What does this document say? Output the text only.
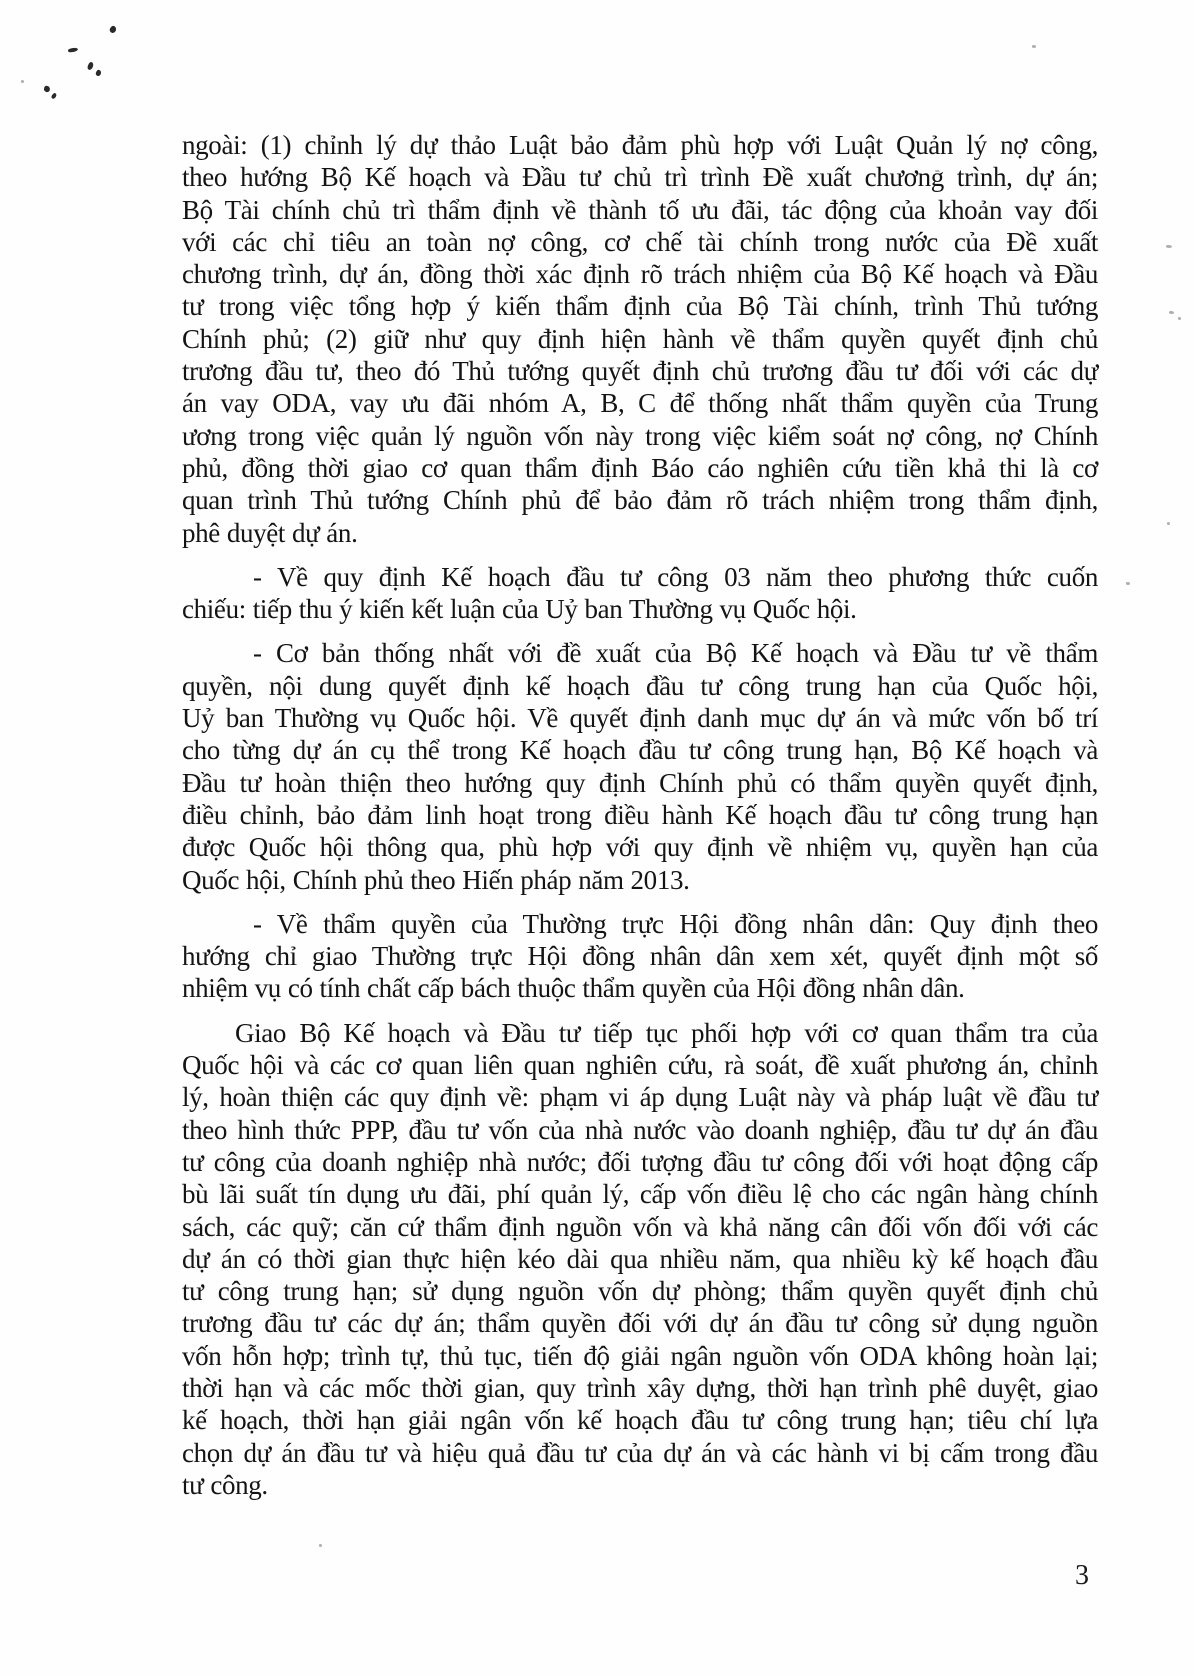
ngoài: (1) chỉnh lý dự thảo Luật bảo đảm phù hợp với Luật Quản lý nợ công,
theo hướng Bộ Kế hoạch và Đầu tư chủ trì trình Đề xuất chương trình, dự án;
Bộ Tài chính chủ trì thẩm định về thành tố ưu đãi, tác động của khoản vay đối
với các chỉ tiêu an toàn nợ công, cơ chế tài chính trong nước của Đề xuất
chương trình, dự án, đồng thời xác định rõ trách nhiệm của Bộ Kế hoạch và Đầu
tư trong việc tổng hợp ý kiến thẩm định của Bộ Tài chính, trình Thủ tướng
Chính phủ; (2) giữ như quy định hiện hành về thẩm quyền quyết định chủ
trương đầu tư, theo đó Thủ tướng quyết định chủ trương đầu tư đối với các dự
án vay ODA, vay ưu đãi nhóm A, B, C để thống nhất thẩm quyền của Trung
ương trong việc quản lý nguồn vốn này trong việc kiểm soát nợ công, nợ Chính
phủ, đồng thời giao cơ quan thẩm định Báo cáo nghiên cứu tiền khả thi là cơ
quan trình Thủ tướng Chính phủ để bảo đảm rõ trách nhiệm trong thẩm định,
phê duyệt dự án.
- Về quy định Kế hoạch đầu tư công 03 năm theo phương thức cuốn
chiếu: tiếp thu ý kiến kết luận của Uỷ ban Thường vụ Quốc hội.
- Cơ bản thống nhất với đề xuất của Bộ Kế hoạch và Đầu tư về thẩm
quyền, nội dung quyết định kế hoạch đầu tư công trung hạn của Quốc hội,
Uỷ ban Thường vụ Quốc hội. Về quyết định danh mục dự án và mức vốn bố trí
cho từng dự án cụ thể trong Kế hoạch đầu tư công trung hạn, Bộ Kế hoạch và
Đầu tư hoàn thiện theo hướng quy định Chính phủ có thẩm quyền quyết định,
điều chỉnh, bảo đảm linh hoạt trong điều hành Kế hoạch đầu tư công trung hạn
được Quốc hội thông qua, phù hợp với quy định về nhiệm vụ, quyền hạn của
Quốc hội, Chính phủ theo Hiến pháp năm 2013.
- Về thẩm quyền của Thường trực Hội đồng nhân dân: Quy định theo
hướng chỉ giao Thường trực Hội đồng nhân dân xem xét, quyết định một số
nhiệm vụ có tính chất cấp bách thuộc thẩm quyền của Hội đồng nhân dân.
Giao Bộ Kế hoạch và Đầu tư tiếp tục phối hợp với cơ quan thẩm tra của
Quốc hội và các cơ quan liên quan nghiên cứu, rà soát, đề xuất phương án, chỉnh
lý, hoàn thiện các quy định về: phạm vi áp dụng Luật này và pháp luật về đầu tư
theo hình thức PPP, đầu tư vốn của nhà nước vào doanh nghiệp, đầu tư dự án đầu
tư công của doanh nghiệp nhà nước; đối tượng đầu tư công đối với hoạt động cấp
bù lãi suất tín dụng ưu đãi, phí quản lý, cấp vốn điều lệ cho các ngân hàng chính
sách, các quỹ; căn cứ thẩm định nguồn vốn và khả năng cân đối vốn đối với các
dự án có thời gian thực hiện kéo dài qua nhiều năm, qua nhiều kỳ kế hoạch đầu
tư công trung hạn; sử dụng nguồn vốn dự phòng; thẩm quyền quyết định chủ
trương đầu tư các dự án; thẩm quyền đối với dự án đầu tư công sử dụng nguồn
vốn hỗn hợp; trình tự, thủ tục, tiến độ giải ngân nguồn vốn ODA không hoàn lại;
thời hạn và các mốc thời gian, quy trình xây dựng, thời hạn trình phê duyệt, giao
kế hoạch, thời hạn giải ngân vốn kế hoạch đầu tư công trung hạn; tiêu chí lựa
chọn dự án đầu tư và hiệu quả đầu tư của dự án và các hành vi bị cấm trong đầu
tư công.
3
